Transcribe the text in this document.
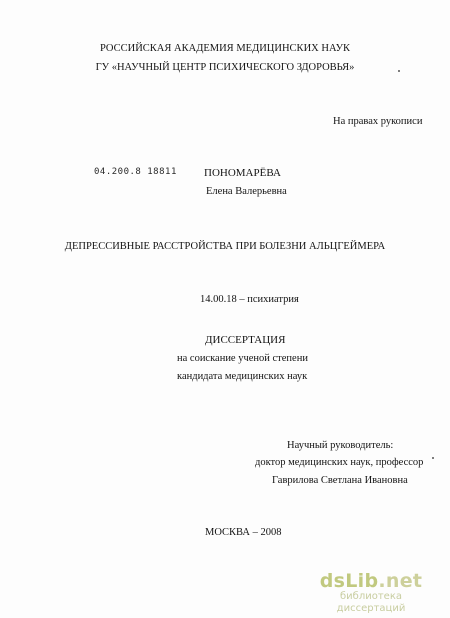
РОССИЙСКАЯ АКАДЕМИЯ МЕДИЦИНСКИХ НАУК
ГУ «НАУЧНЫЙ ЦЕНТР ПСИХИЧЕСКОГО ЗДОРОВЬЯ»
На правах рукописи
04.200.8 18811 ПОНОМАРЁВА
Елена Валерьевна
ДЕПРЕССИВНЫЕ РАССТРОЙСТВА ПРИ БОЛЕЗНИ АЛЬЦГЕЙМЕРА
14.00.18 – психиатрия
ДИССЕРТАЦИЯ
на соискание ученой степени
кандидата медицинских наук
Научный руководитель:
доктор медицинских наук, профессор
Гаврилова Светлана Ивановна
МОСКВА – 2008
dsLib.net
библиотека диссертаций
